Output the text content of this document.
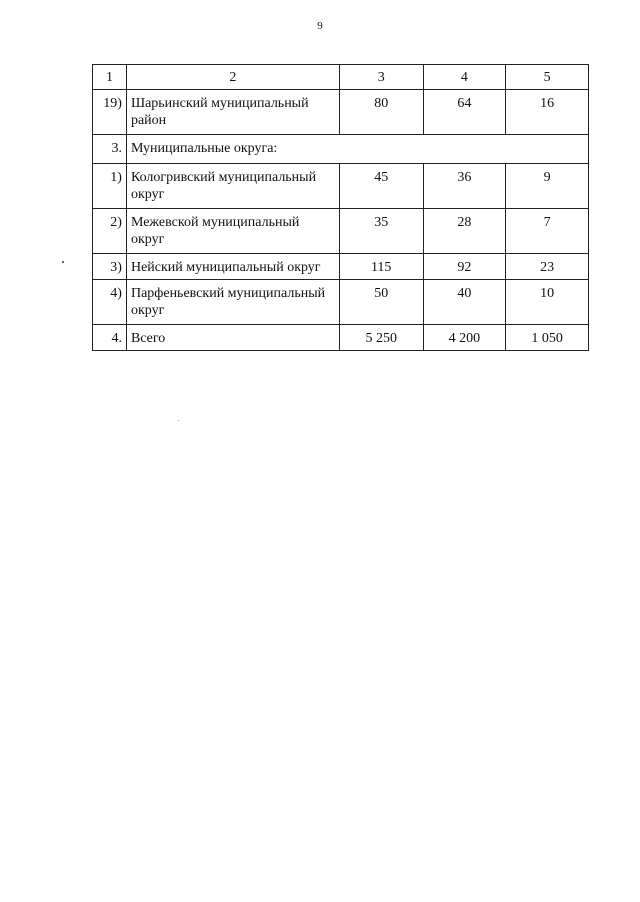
9
1	2	3	4	5
19)	Шарьинский муниципальный район	80	64	16
3.	Муниципальные округа:			
1)	Кологривский муниципальный округ	45	36	9
2)	Межевской муниципальный округ	35	28	7
3)	Нейский муниципальный округ	115	92	23
4)	Парфеньевский муниципальный округ	50	40	10
4.	Всего	5 250	4 200	1 050
